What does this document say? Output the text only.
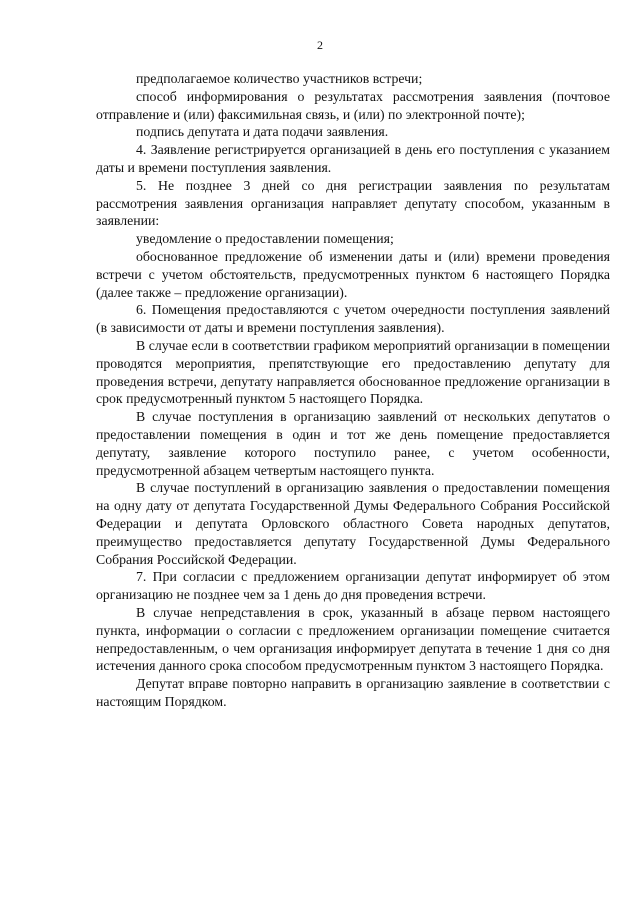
2

предполагаемое количество участников встречи;

способ информирования о результатах рассмотрения заявления (почтовое отправление и (или) факсимильная связь, и (или) по электронной почте);

подпись депутата и дата подачи заявления.

4. Заявление регистрируется организацией в день его поступления с указанием даты и времени поступления заявления.

5. Не позднее 3 дней со дня регистрации заявления по результатам рассмотрения заявления организация направляет депутату способом, указанным в заявлении:

уведомление о предоставлении помещения;

обоснованное предложение об изменении даты и (или) времени проведения встречи с учетом обстоятельств, предусмотренных пунктом 6 настоящего Порядка (далее также – предложение организации).

6. Помещения предоставляются с учетом очередности поступления заявлений (в зависимости от даты и времени поступления заявления).

В случае если в соответствии графиком мероприятий организации в помещении проводятся мероприятия, препятствующие его предоставлению депутату для проведения встречи, депутату направляется обоснованное предложение организации в срок предусмотренный пунктом 5 настоящего Порядка.

В случае поступления в организацию заявлений от нескольких депутатов о предоставлении помещения в один и тот же день помещение предоставляется депутату, заявление которого поступило ранее, с учетом особенности, предусмотренной абзацем четвертым настоящего пункта.

В случае поступлений в организацию заявления о предоставлении помещения на одну дату от депутата Государственной Думы Федерального Собрания Российской Федерации и депутата Орловского областного Совета народных депутатов, преимущество предоставляется депутату Государственной Думы Федерального Собрания Российской Федерации.

7. При согласии с предложением организации депутат информирует об этом организацию не позднее чем за 1 день до дня проведения встречи.

В случае непредставления в срок, указанный в абзаце первом настоящего пункта, информации о согласии с предложением организации помещение считается непредоставленным, о чем организация информирует депутата в течение 1 дня со дня истечения данного срока способом предусмотренным пунктом 3 настоящего Порядка.

Депутат вправе повторно направить в организацию заявление в соответствии с настоящим Порядком.
